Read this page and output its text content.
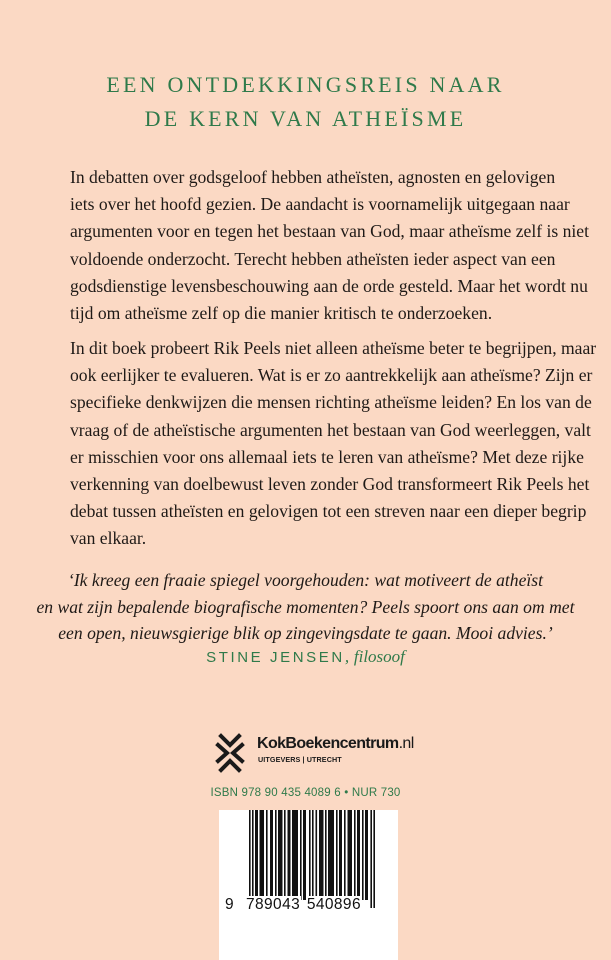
EEN ONTDEKKINGSREIS NAAR
DE KERN VAN ATHEÏSME
In debatten over godsgeloof hebben atheïsten, agnosten en gelovigen
iets over het hoofd gezien. De aandacht is voornamelijk uitgegaan naar
argumenten voor en tegen het bestaan van God, maar atheïsme zelf is niet
voldoende onderzocht. Terecht hebben atheïsten ieder aspect van een
godsdienstige levensbeschouwing aan de orde gesteld. Maar het wordt nu
tijd om atheïsme zelf op die manier kritisch te onderzoeken.
In dit boek probeert Rik Peels niet alleen atheïsme beter te begrijpen, maar
ook eerlijker te evalueren. Wat is er zo aantrekkelijk aan atheïsme? Zijn er
specifieke denkwijzen die mensen richting atheïsme leiden? En los van de
vraag of de atheïstische argumenten het bestaan van God weerleggen, valt
er misschien voor ons allemaal iets te leren van atheïsme? Met deze rijke
verkenning van doelbewust leven zonder God transformeert Rik Peels het
debat tussen atheïsten en gelovigen tot een streven naar een dieper begrip
van elkaar.
‘Ik kreeg een fraaie spiegel voorgehouden: wat motiveert de atheïst
en wat zijn bepalende biografische momenten? Peels spoort ons aan om met
een open, nieuwsgierige blik op zingevingsdate te gaan. Mooi advies.’
STINE JENSEN, filosoof
KokBoekencentrum.nl
UITGEVERS | UTRECHT
ISBN 978 90 435 4089 6 • NUR 730
9 789043 540896
